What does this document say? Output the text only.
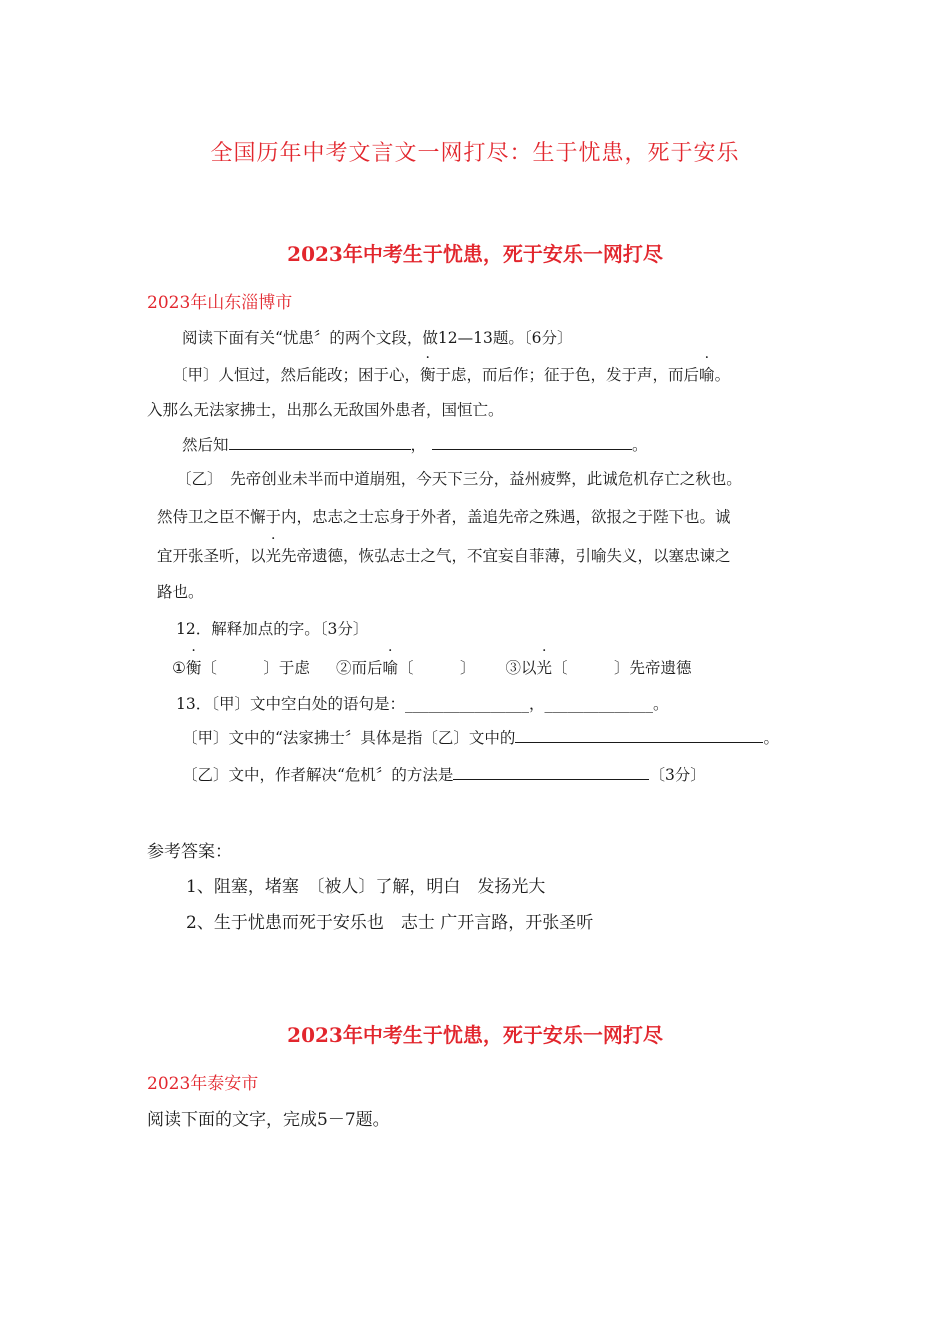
全国历年中考文言文一网打尽：生于忧患，死于安乐
2023年中考生于忧患，死于安乐一网打尽
2023年山东淄博市
阅读下面有关“忧患〞的两个文段，做12—13题。〔6分〕
〔甲〕人恒过，然后能改；困于心，衡于虑，而后作；征于色，发于声，而后喻。
入那么无法家拂士，出那么无敌国外患者，国恒亡。
然后知	，	。
〔乙〕　先帝创业未半而中道崩殂，今天下三分，益州疲弊，此诚危机存亡之秋也。
然侍卫之臣不懈于内，忠志之士忘身于外者，盖追先帝之殊遇，欲报之于陛下也。诚
宜开张圣听，以光先帝遗德，恢弘志士之气，不宜妄自菲薄，引喻失义，以塞忠谏之
路也。
12．解释加点的字。〔3分〕
①衡〔　　　〕于虑 ②而后喻〔　　　〕 ③以光〔　　　〕先帝遗德
13．〔甲〕文中空白处的语句是：________________，______________。
〔甲〕文中的“法家拂士〞具体是指〔乙〕文中的	。
〔乙〕文中，作者解决“危机〞的方法是	〔3分〕
参考答案：
1、阻塞，堵塞　〔被人〕了解，明白　发扬光大
2、生于忧患而死于安乐也　志士 广开言路，开张圣听
2023年中考生于忧患，死于安乐一网打尽
2023年泰安市
阅读下面的文字，完成5－7题。
